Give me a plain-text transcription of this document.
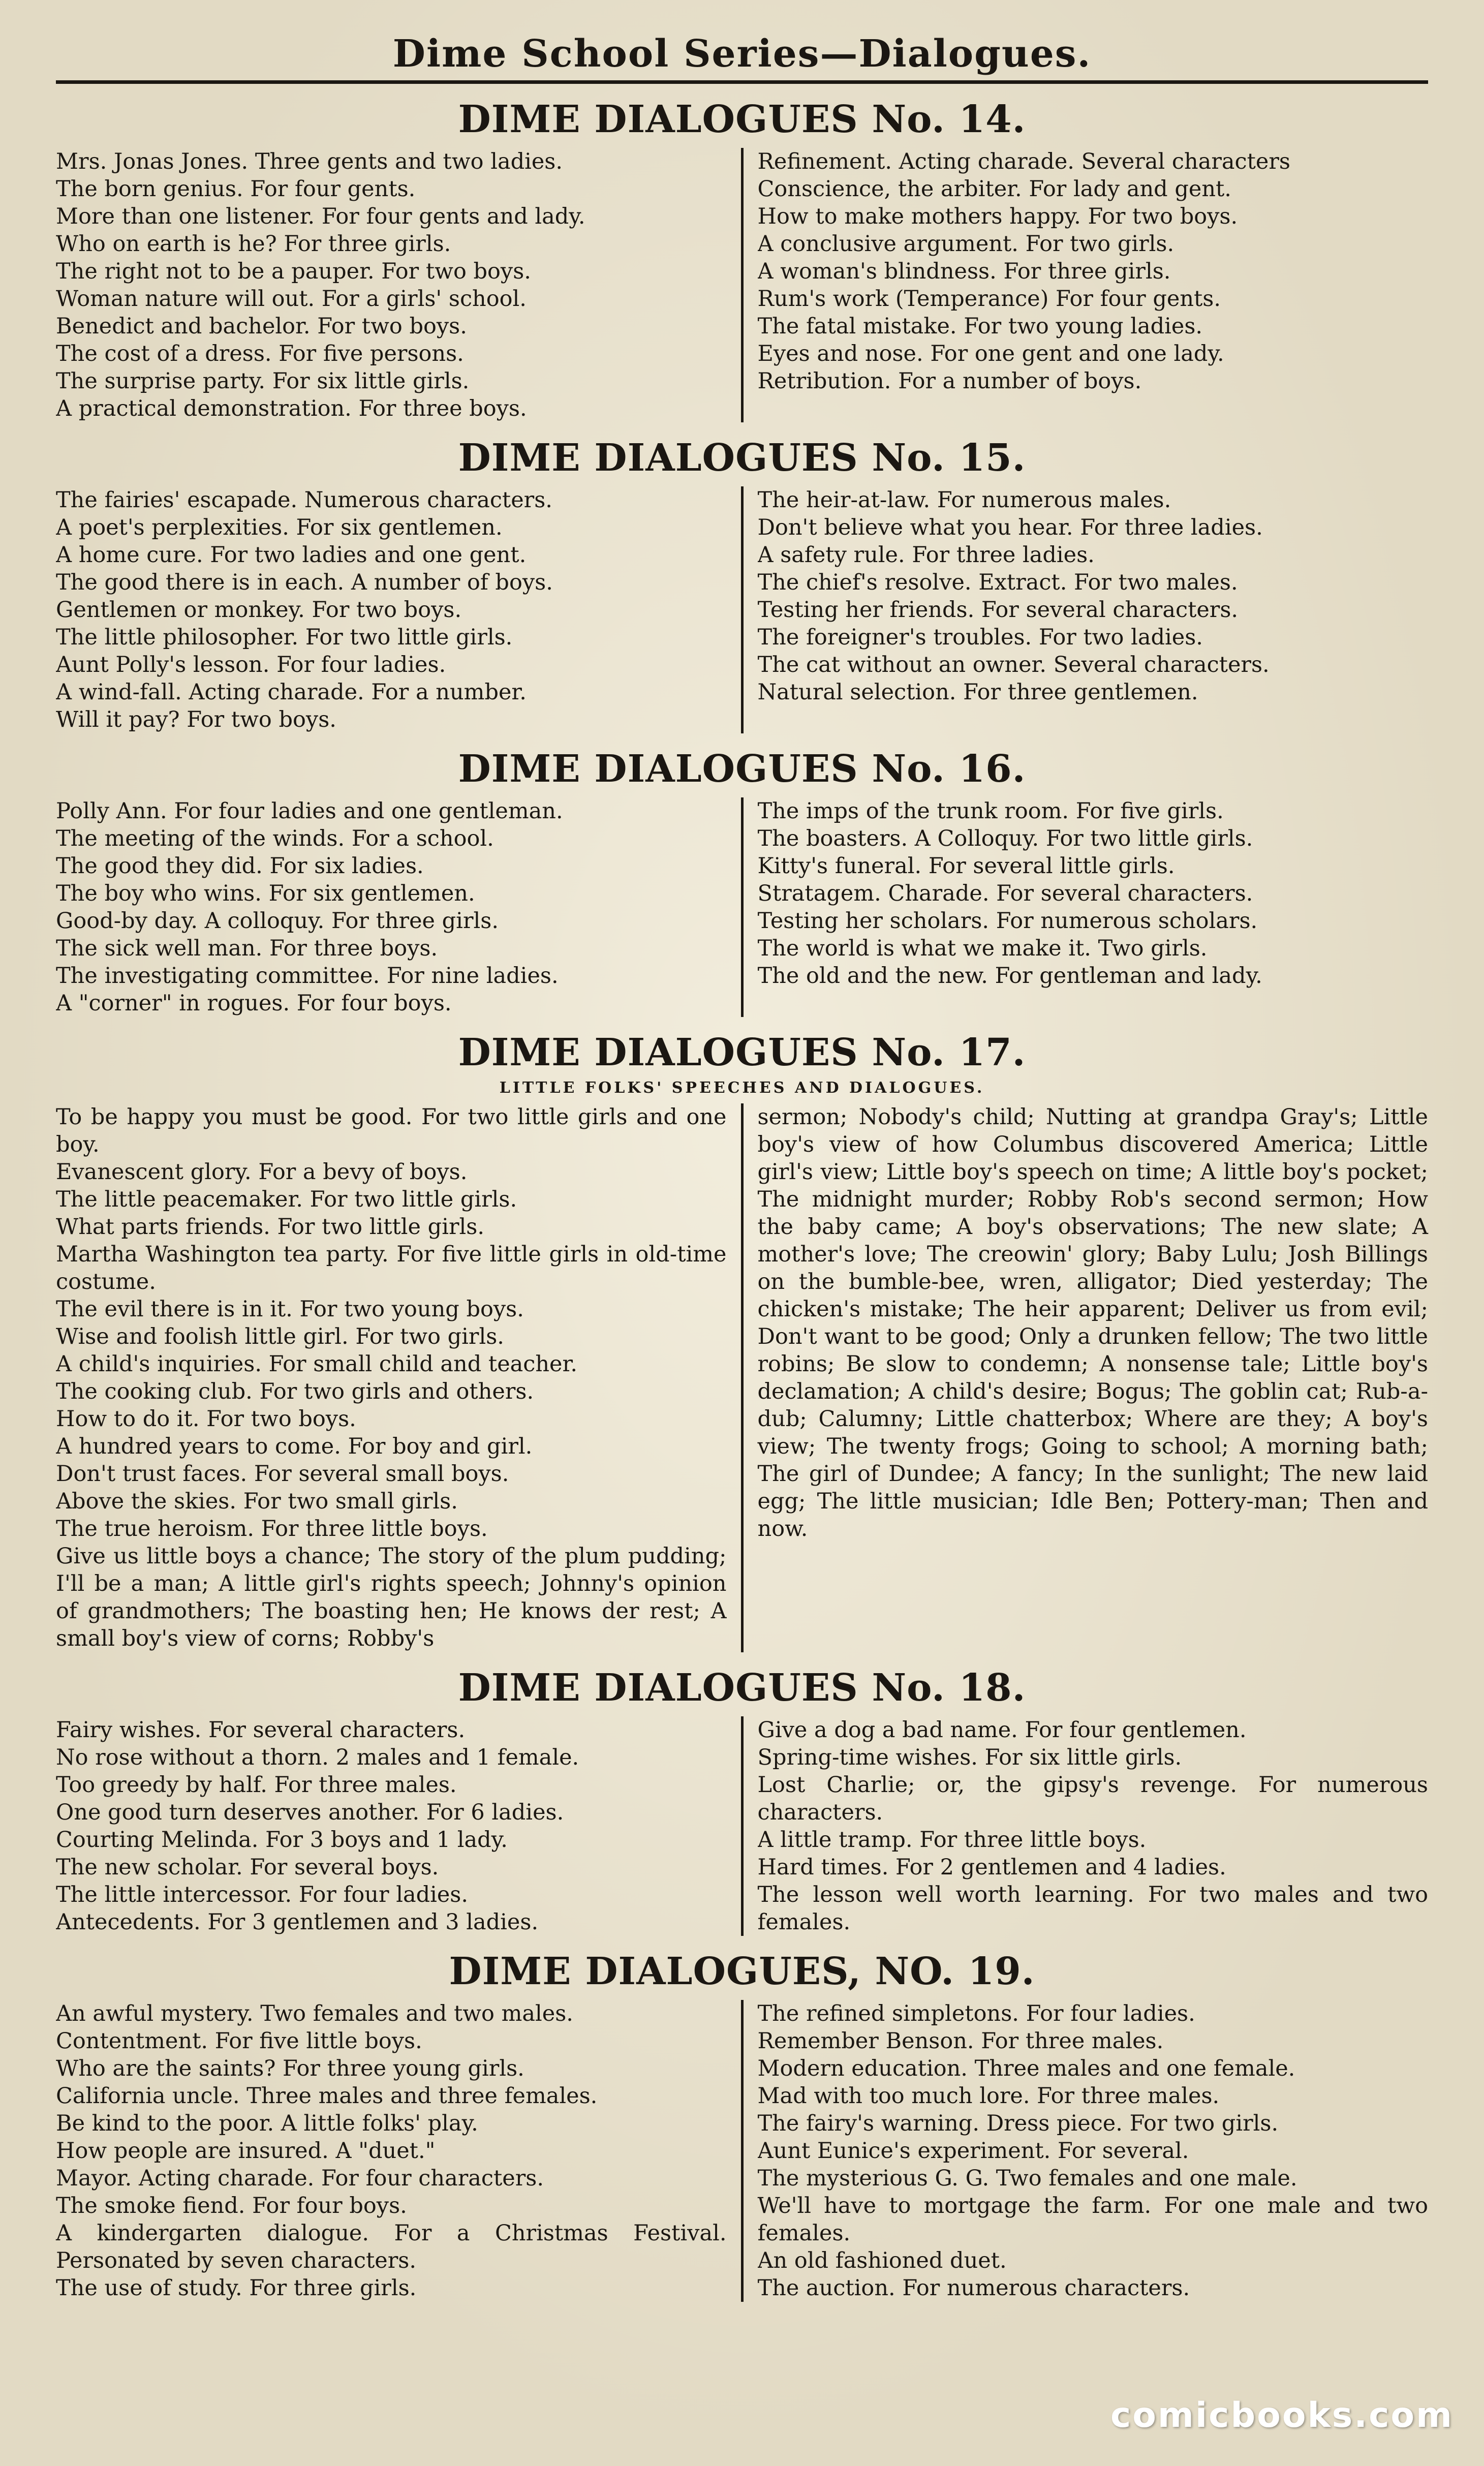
Dime School Series—Dialogues.
DIME DIALOGUES No. 14.
Mrs. Jonas Jones. Three gents and two ladies.
The born genius. For four gents.
More than one listener. For four gents and lady.
Who on earth is he? For three girls.
The right not to be a pauper. For two boys.
Woman nature will out. For a girls' school.
Benedict and bachelor. For two boys.
The cost of a dress. For five persons.
The surprise party. For six little girls.
A practical demonstration. For three boys.
Refinement. Acting charade. Several characters
Conscience, the arbiter. For lady and gent.
How to make mothers happy. For two boys.
A conclusive argument. For two girls.
A woman's blindness. For three girls.
Rum's work (Temperance) For four gents.
The fatal mistake. For two young ladies.
Eyes and nose. For one gent and one lady.
Retribution. For a number of boys.
DIME DIALOGUES No. 15.
The fairies' escapade. Numerous characters.
A poet's perplexities. For six gentlemen.
A home cure. For two ladies and one gent.
The good there is in each. A number of boys.
Gentlemen or monkey. For two boys.
The little philosopher. For two little girls.
Aunt Polly's lesson. For four ladies.
A wind-fall. Acting charade. For a number.
Will it pay? For two boys.
The heir-at-law. For numerous males.
Don't believe what you hear. For three ladies.
A safety rule. For three ladies.
The chief's resolve. Extract. For two males.
Testing her friends. For several characters.
The foreigner's troubles. For two ladies.
The cat without an owner. Several characters.
Natural selection. For three gentlemen.
DIME DIALOGUES No. 16.
Polly Ann. For four ladies and one gentleman.
The meeting of the winds. For a school.
The good they did. For six ladies.
The boy who wins. For six gentlemen.
Good-by day. A colloquy. For three girls.
The sick well man. For three boys.
The investigating committee. For nine ladies.
A "corner" in rogues. For four boys.
The imps of the trunk room. For five girls.
The boasters. A Colloquy. For two little girls.
Kitty's funeral. For several little girls.
Stratagem. Charade. For several characters.
Testing her scholars. For numerous scholars.
The world is what we make it. Two girls.
The old and the new. For gentleman and lady.
DIME DIALOGUES No. 17.
LITTLE FOLKS' SPEECHES AND DIALOGUES.
To be happy you must be good. For two little girls and one boy.
Evanescent glory. For a bevy of boys.
The little peacemaker. For two little girls.
What parts friends. For two little girls.
Martha Washington tea party. For five little girls in old-time costume.
The evil there is in it. For two young boys.
Wise and foolish little girl. For two girls.
A child's inquiries. For small child and teacher.
The cooking club. For two girls and others.
How to do it. For two boys.
A hundred years to come. For boy and girl.
Don't trust faces. For several small boys.
Above the skies. For two small girls.
The true heroism. For three little boys.
Give us little boys a chance; The story of the plum pudding; I'll be a man; A little girl's rights speech; Johnny's opinion of grandmothers; The boasting hen; He knows der rest; A small boy's view of corns; Robby's
sermon; Nobody's child; Nutting at grandpa Gray's; Little boy's view of how Columbus discovered America; Little girl's view; Little boy's speech on time; A little boy's pocket; The midnight murder; Robby Rob's second sermon; How the baby came; A boy's observations; The new slate; A mother's love; The creowin' glory; Baby Lulu; Josh Billings on the bumble-bee, wren, alligator; Died yesterday; The chicken's mistake; The heir apparent; Deliver us from evil; Don't want to be good; Only a drunken fellow; The two little robins; Be slow to condemn; A nonsense tale; Little boy's declamation; A child's desire; Bogus; The goblin cat; Rub-a-dub; Calumny; Little chatterbox; Where are they; A boy's view; The twenty frogs; Going to school; A morning bath; The girl of Dundee; A fancy; In the sunlight; The new laid egg; The little musician; Idle Ben; Pottery-man; Then and now.
DIME DIALOGUES No. 18.
Fairy wishes. For several characters.
No rose without a thorn. 2 males and 1 female.
Too greedy by half. For three males.
One good turn deserves another. For 6 ladies.
Courting Melinda. For 3 boys and 1 lady.
The new scholar. For several boys.
The little intercessor. For four ladies.
Antecedents. For 3 gentlemen and 3 ladies.
Give a dog a bad name. For four gentlemen.
Spring-time wishes. For six little girls.
Lost Charlie; or, the gipsy's revenge. For numerous characters.
A little tramp. For three little boys.
Hard times. For 2 gentlemen and 4 ladies.
The lesson well worth learning. For two males and two females.
DIME DIALOGUES, NO. 19.
An awful mystery. Two females and two males.
Contentment. For five little boys.
Who are the saints? For three young girls.
California uncle. Three males and three females.
Be kind to the poor. A little folks' play.
How people are insured. A "duet."
Mayor. Acting charade. For four characters.
The smoke fiend. For four boys.
A kindergarten dialogue. For a Christmas Festival. Personated by seven characters.
The use of study. For three girls.
The refined simpletons. For four ladies.
Remember Benson. For three males.
Modern education. Three males and one female.
Mad with too much lore. For three males.
The fairy's warning. Dress piece. For two girls.
Aunt Eunice's experiment. For several.
The mysterious G. G. Two females and one male.
We'll have to mortgage the farm. For one male and two females.
An old fashioned duet.
The auction. For numerous characters.
comicbooks.com
